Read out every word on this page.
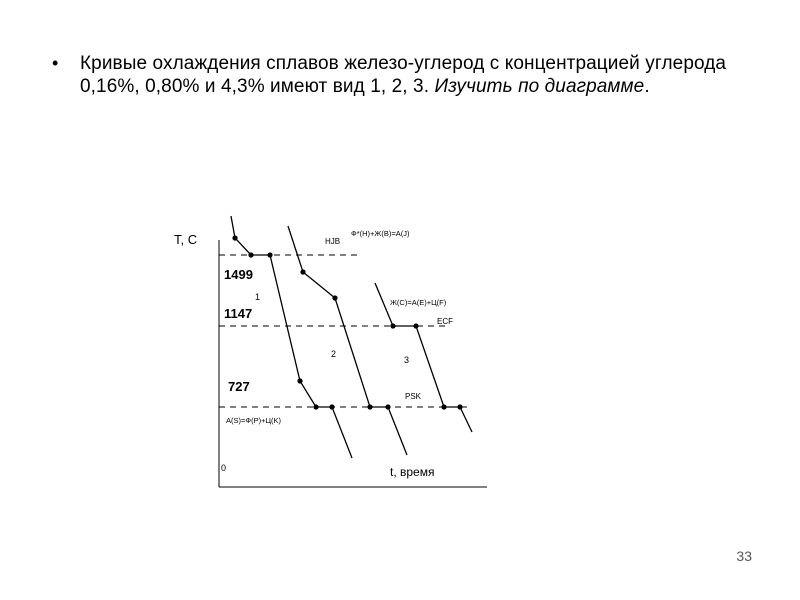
• Кривые охлаждения сплавов железо-углерод с концентрацией углерода 0,16%, 0,80% и 4,3% имеют вид 1, 2, 3. Изучить по диаграмме.
T, C
t, время
0
1499
1147
727
1
2
3
HJB
ECF
PSK
Ф*(H)+Ж(B)=A(J)
Ж(C)=A(E)+Ц(F)
A(S)=Ф(P)+Ц(K)
33
